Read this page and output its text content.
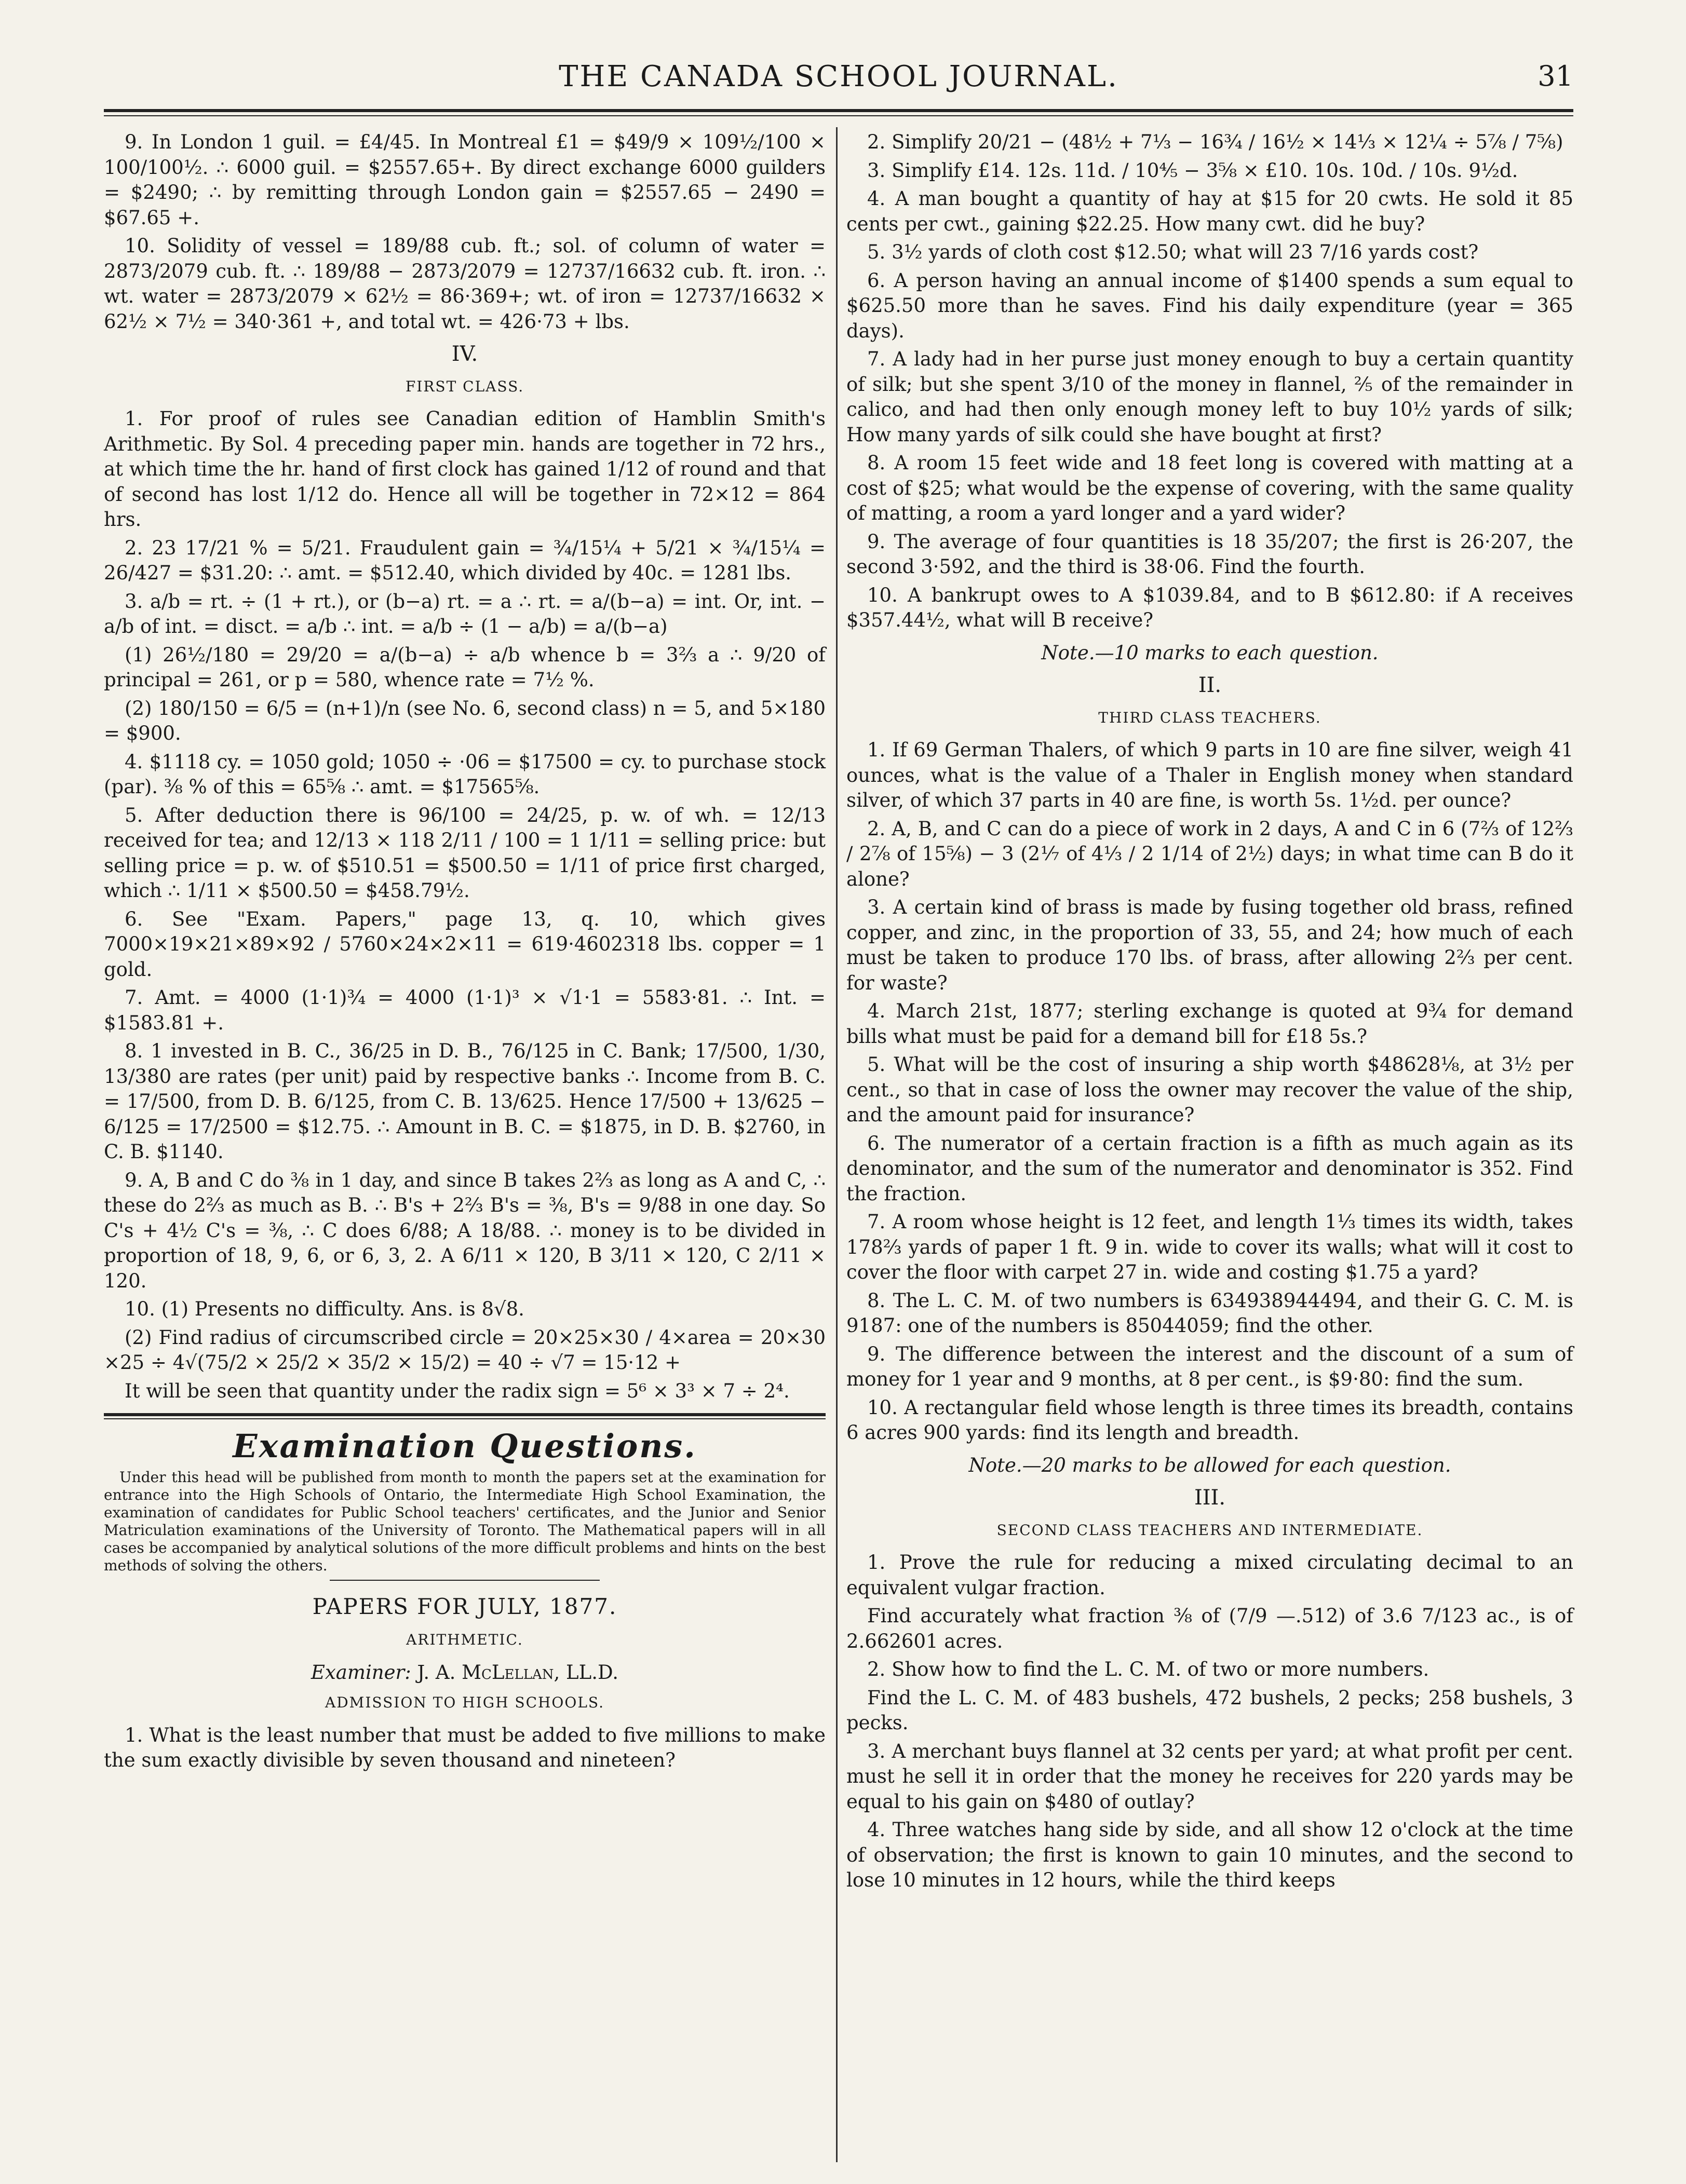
THE CANADA SCHOOL JOURNAL.	31

9. In London 1 guil. = £4/45. In Montreal £1 = $49/9 × 109½/100 × 100/100½. ∴ 6000 guil. = $2557.65+. By direct exchange 6000 guilders = $2490; ∴ by remitting through London gain = $2557.65 − 2490 = $67.65 +.

10. Solidity of vessel = 189/88 cub. ft.; sol. of column of water = 2873/2079 cub. ft. ∴ 189/88 − 2873/2079 = 12737/16632 cub. ft. iron. ∴ wt. water = 2873/2079 × 62½ = 86·369+; wt. of iron = 12737/16632 × 62½ × 7½ = 340·361 +, and total wt. = 426·73 + lbs.

IV.
FIRST CLASS.

1. For proof of rules see Canadian edition of Hamblin Smith's Arithmetic. By Sol. 4 preceding paper min. hands are together in 72 hrs., at which time the hr. hand of first clock has gained 1/12 of round and that of second has lost 1/12 do. Hence all will be together in 72×12 = 864 hrs.

2. 23 17/21 % = 5/21. Fraudulent gain = ¾/15¼ + 5/21 × ¾/15¼ = 26/427 = $31.20: ∴ amt. = $512.40, which divided by 40c. = 1281 lbs.

3. a/b = rt. ÷ (1 + rt.), or (b−a) rt. = a ∴ rt. = a/(b−a) = int. Or, int. − a/b of int. = disct. = a/b ∴ int. = a/b ÷ (1 − a/b) = a/(b−a)

(1) 26½/180 = 29/20 = a/(b−a) ÷ a/b whence b = 3⅔ a ∴ 9/20 of principal = 261, or p = 580, whence rate = 7½ %.

(2) 180/150 = 6/5 = (n+1)/n (see No. 6, second class) n = 5, and 5×180 = $900.

4. $1118 cy. = 1050 gold; 1050 ÷ ·06 = $17500 = cy. to purchase stock (par). ⅜ % of this = 65⅝ ∴ amt. = $17565⅝.

5. After deduction there is 96/100 = 24/25, p. w. of wh. = 12/13 received for tea; and 12/13 × 118 2/11 / 100 = 1 1/11 = selling price: but selling price = p. w. of $510.51 = $500.50 = 1/11 of price first charged, which ∴ 1/11 × $500.50 = $458.79½.

6. See "Exam. Papers," page 13, q. 10, which gives 7000×19×21×89×92 / 5760×24×2×11 = 619·4602318 lbs. copper = 1 gold.

7. Amt. = 4000 (1·1)¾ = 4000 (1·1)³ × √1·1 = 5583·81. ∴ Int. = $1583.81 +.

8. 1 invested in B. C., 36/25 in D. B., 76/125 in C. Bank; 17/500, 1/30, 13/380 are rates (per unit) paid by respective banks ∴ Income from B. C. = 17/500, from D. B. 6/125, from C. B. 13/625. Hence 17/500 + 13/625 − 6/125 = 17/2500 = $12.75. ∴ Amount in B. C. = $1875, in D. B. $2760, in C. B. $1140.

9. A, B and C do ⅜ in 1 day, and since B takes 2⅔ as long as A and C, ∴ these do 2⅔ as much as B. ∴ B's + 2⅔ B's = ⅜, B's = 9/88 in one day. So C's + 4½ C's = ⅜, ∴ C does 6/88; A 18/88. ∴ money is to be divided in proportion of 18, 9, 6, or 6, 3, 2. A 6/11 × 120, B 3/11 × 120, C 2/11 × 120.

10. (1) Presents no difficulty. Ans. is 8√8.

(2) Find radius of circumscribed circle = 20×25×30 / 4×area = 20×30 ×25 ÷ 4√(75/2 × 25/2 × 35/2 × 15/2) = 40 ÷ √7 = 15·12 +

It will be seen that quantity under the radix sign = 5⁶ × 3³ × 7 ÷ 2⁴.

Examination Questions.

Under this head will be published from month to month the papers set at the examination for entrance into the High Schools of Ontario, the Intermediate High School Examination, the examination of candidates for Public School teachers' certificates, and the Junior and Senior Matriculation examinations of the University of Toronto. The Mathematical papers will in all cases be accompanied by analytical solutions of the more difficult problems and hints on the best methods of solving the others.

PAPERS FOR JULY, 1877.
ARITHMETIC.
Examiner: J. A. McLellan, LL.D.
ADMISSION TO HIGH SCHOOLS.

1. What is the least number that must be added to five millions to make the sum exactly divisible by seven thousand and nineteen?

2. Simplify 20/21 − (48½ + 7⅓ − 16¾ / 16½ × 14⅓ × 12¼ ÷ 5⅞ / 7⅝)

3. Simplify £14. 12s. 11d. / 10⅘ − 3⅝ × £10. 10s. 10d. / 10s. 9½d.

4. A man bought a quantity of hay at $15 for 20 cwts. He sold it 85 cents per cwt., gaining $22.25. How many cwt. did he buy?

5. 3½ yards of cloth cost $12.50; what will 23 7/16 yards cost?

6. A person having an annual income of $1400 spends a sum equal to $625.50 more than he saves. Find his daily expenditure (year = 365 days).

7. A lady had in her purse just money enough to buy a certain quantity of silk; but she spent 3/10 of the money in flannel, ⅖ of the remainder in calico, and had then only enough money left to buy 10½ yards of silk; How many yards of silk could she have bought at first?

8. A room 15 feet wide and 18 feet long is covered with matting at a cost of $25; what would be the expense of covering, with the same quality of matting, a room a yard longer and a yard wider?

9. The average of four quantities is 18 35/207; the first is 26·207, the second 3·592, and the third is 38·06. Find the fourth.

10. A bankrupt owes to A $1039.84, and to B $612.80: if A receives $357.44½, what will B receive?

Note.—10 marks to each question.
II.
THIRD CLASS TEACHERS.

1. If 69 German Thalers, of which 9 parts in 10 are fine silver, weigh 41 ounces, what is the value of a Thaler in English money when standard silver, of which 37 parts in 40 are fine, is worth 5s. 1½d. per ounce?

2. A, B, and C can do a piece of work in 2 days, A and C in 6 (7⅔ of 12⅔ / 2⅞ of 15⅝) − 3 (2⅐ of 4⅓ / 2 1/14 of 2½) days; in what time can B do it alone?

3. A certain kind of brass is made by fusing together old brass, refined copper, and zinc, in the proportion of 33, 55, and 24; how much of each must be taken to produce 170 lbs. of brass, after allowing 2⅔ per cent. for waste?

4. March 21st, 1877; sterling exchange is quoted at 9¾ for demand bills what must be paid for a demand bill for £18 5s.?

5. What will be the cost of insuring a ship worth $48628⅛, at 3½ per cent., so that in case of loss the owner may recover the value of the ship, and the amount paid for insurance?

6. The numerator of a certain fraction is a fifth as much again as its denominator, and the sum of the numerator and denominator is 352. Find the fraction.

7. A room whose height is 12 feet, and length 1⅓ times its width, takes 178⅔ yards of paper 1 ft. 9 in. wide to cover its walls; what will it cost to cover the floor with carpet 27 in. wide and costing $1.75 a yard?

8. The L. C. M. of two numbers is 634938944494, and their G. C. M. is 9187: one of the numbers is 85044059; find the other.

9. The difference between the interest and the discount of a sum of money for 1 year and 9 months, at 8 per cent., is $9·80: find the sum.

10. A rectangular field whose length is three times its breadth, contains 6 acres 900 yards: find its length and breadth.

Note.—20 marks to be allowed for each question.
III.
SECOND CLASS TEACHERS AND INTERMEDIATE.

1. Prove the rule for reducing a mixed circulating decimal to an equivalent vulgar fraction.

Find accurately what fraction ⅜ of (7/9 —.512) of 3.6 7/123 ac., is of 2.662601 acres.

2. Show how to find the L. C. M. of two or more numbers.

Find the L. C. M. of 483 bushels, 472 bushels, 2 pecks; 258 bushels, 3 pecks.

3. A merchant buys flannel at 32 cents per yard; at what profit per cent. must he sell it in order that the money he receives for 220 yards may be equal to his gain on $480 of outlay?

4. Three watches hang side by side, and all show 12 o'clock at the time of observation; the first is known to gain 10 minutes, and the second to lose 10 minutes in 12 hours, while the third keeps
